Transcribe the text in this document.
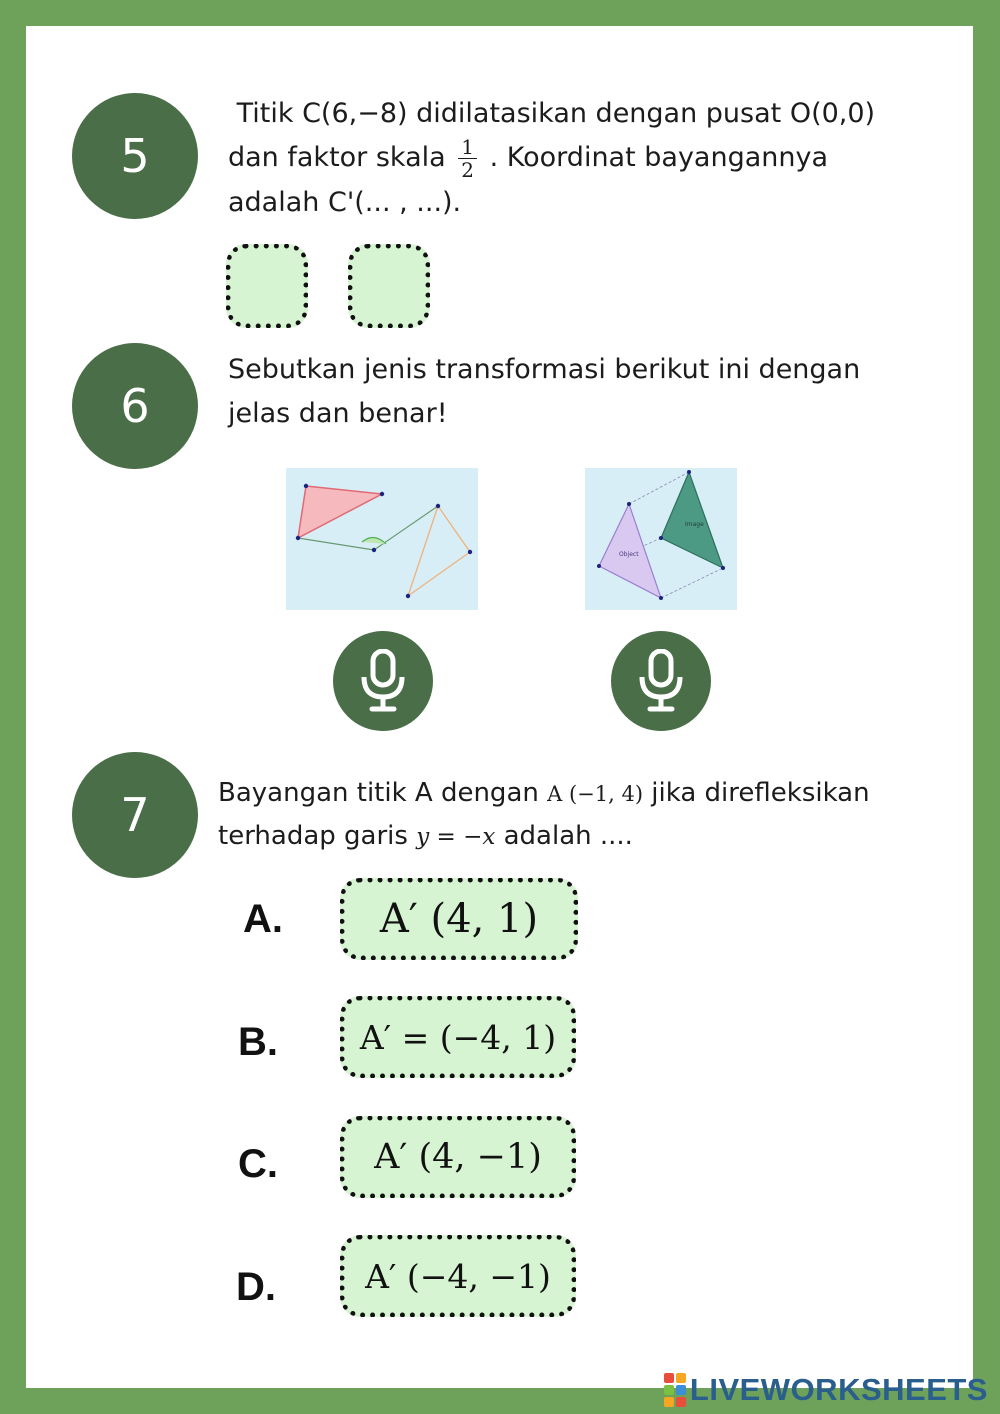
5
Titik C(6,−8) didilatasikan dengan pusat O(0,0)
dan faktor skala $\frac{1}{2}$ . Koordinat bayangannya
adalah C'(... , ...).
6
Sebutkan jenis transformasi berikut ini dengan
jelas dan benar!
Image
Object
7	Bayangan titik A dengan A (−1, 4) jika direfleksikan
terhadap garis y = −x adalah ....
A. A′ (4, 1)
B. A′ = (−4, 1)
C.	A′ (4, −1)
D.	A′ (−4, −1)
LIVEWORKSHEETS
